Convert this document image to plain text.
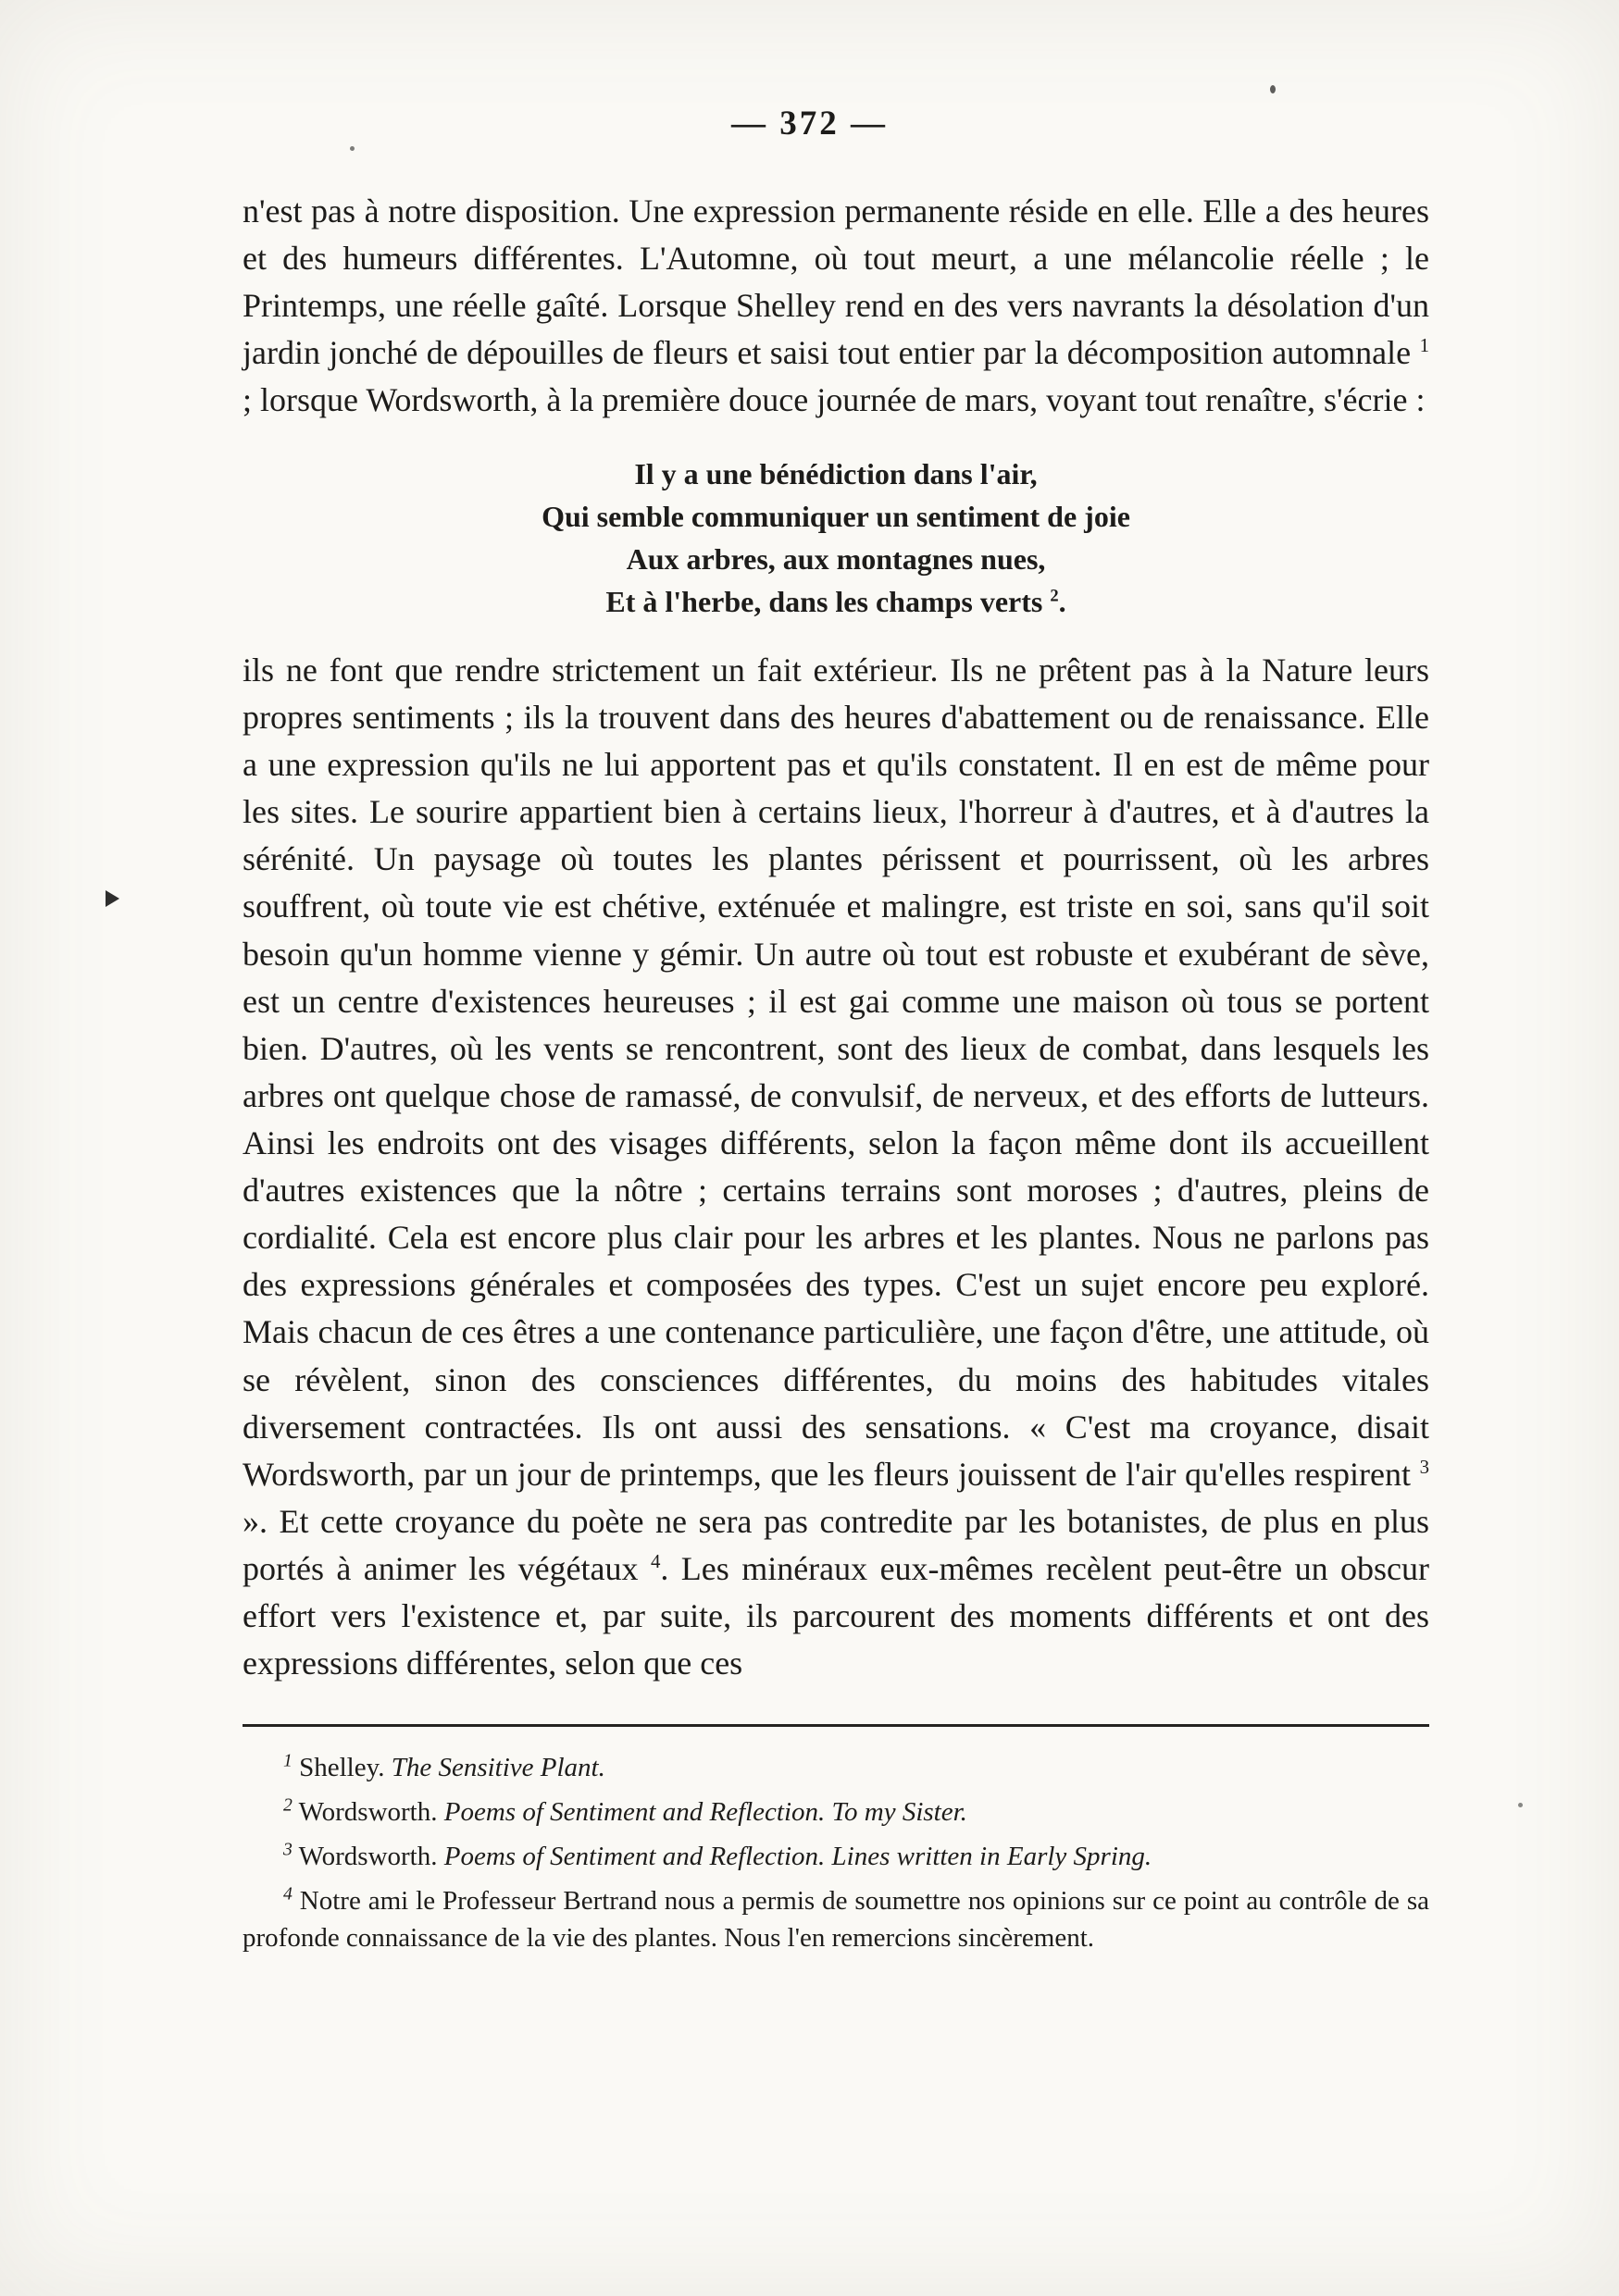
— 372 —

n'est pas à notre disposition. Une expression permanente réside en elle. Elle a des heures et des humeurs différentes. L'Automne, où tout meurt, a une mélancolie réelle ; le Printemps, une réelle gaîté. Lorsque Shelley rend en des vers navrants la désolation d'un jardin jonché de dépouilles de fleurs et saisi tout entier par la décomposition automnale $^1$ ; lorsque Wordsworth, à la première douce journée de mars, voyant tout renaître, s'écrie :

Il y a une bénédiction dans l'air,
Qui semble communiquer un sentiment de joie
Aux arbres, aux montagnes nues,
Et à l'herbe, dans les champs verts $^2$.

ils ne font que rendre strictement un fait extérieur. Ils ne prêtent pas à la Nature leurs propres sentiments ; ils la trouvent dans des heures d'abattement ou de renaissance. Elle a une expression qu'ils ne lui apportent pas et qu'ils constatent. Il en est de même pour les sites. Le sourire appartient bien à certains lieux, l'horreur à d'autres, et à d'autres la sérénité. Un paysage où toutes les plantes périssent et pourrissent, où les arbres souffrent, où toute vie est chétive, exténuée et malingre, est triste en soi, sans qu'il soit besoin qu'un homme vienne y gémir. Un autre où tout est robuste et exubérant de sève, est un centre d'existences heureuses ; il est gai comme une maison où tous se portent bien. D'autres, où les vents se rencontrent, sont des lieux de combat, dans lesquels les arbres ont quelque chose de ramassé, de convulsif, de nerveux, et des efforts de lutteurs. Ainsi les endroits ont des visages différents, selon la façon même dont ils accueillent d'autres existences que la nôtre ; certains terrains sont moroses ; d'autres, pleins de cordialité. Cela est encore plus clair pour les arbres et les plantes. Nous ne parlons pas des expressions générales et composées des types. C'est un sujet encore peu exploré. Mais chacun de ces êtres a une contenance particulière, une façon d'être, une attitude, où se révèlent, sinon des consciences différentes, du moins des habitudes vitales diversement contractées. Ils ont aussi des sensations. « C'est ma croyance, disait Wordsworth, par un jour de printemps, que les fleurs jouissent de l'air qu'elles respirent $^3$ ». Et cette croyance du poète ne sera pas contredite par les botanistes, de plus en plus portés à animer les végétaux $^4$. Les minéraux eux-mêmes recèlent peut-être un obscur effort vers l'existence et, par suite, ils parcourent des moments différents et ont des expressions différentes, selon que ces

$^1$ Shelley. The Sensitive Plant.

$^2$ Wordsworth. Poems of Sentiment and Reflection. To my Sister.

$^3$ Wordsworth. Poems of Sentiment and Reflection. Lines written in Early Spring.

$^4$ Notre ami le Professeur Bertrand nous a permis de soumettre nos opinions sur ce point au contrôle de sa profonde connaissance de la vie des plantes. Nous l'en remercions sincèrement.
